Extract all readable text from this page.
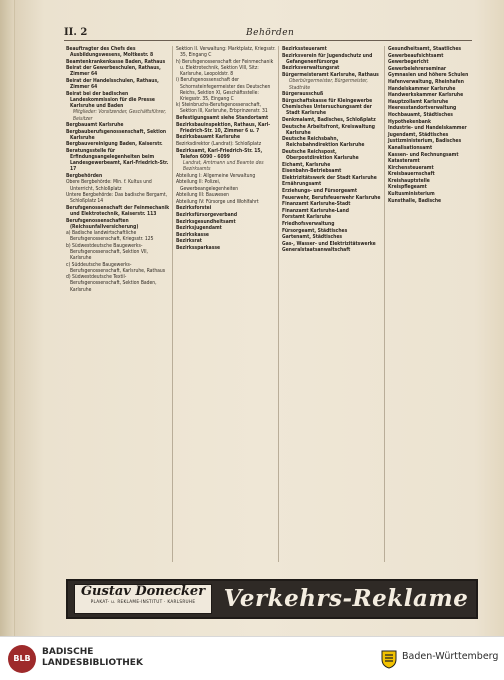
II. 2	Behörden
Beauftragter des Chefs des Ausbildungswesens, Moltkestr. 8
Beamtenkrankenkasse Baden, Rathaus
Beirat der Gewerbeschulen, Rathaus, Zimmer 64
Beirat der Handelsschulen, Rathaus, Zimmer 64
Beirat bei der badischen Landeskommission für die Presse Karlsruhe und Baden
Mitglieder: Vorsitzender, Geschäftsführer, Beisitzer
Bergbauamt Karlsruhe
Bergbauberufsgenossenschaft, Sektion Karlsruhe
Bergbauvereinigung Baden, Kaiserstr.
Beratungsstelle für Erfindungsangelegenheiten beim Landesgewerbeamt, Karl-Friedrich-Str. 17
Bergbehörden
Obere Bergbehörde: Min. f. Kultus und Unterricht, Schloßplatz
Untere Bergbehörde: Das badische Bergamt, Schloßplatz 14
Berufsgenossenschaft der Feinmechanik und Elektrotechnik, Kaiserstr. 113
Berufsgenossenschaften (Reichsunfallversicherung)
a) Badische landwirtschaftliche Berufsgenossenschaft, Kriegsstr. 125
b) Südwestdeutsche Baugewerks-Berufsgenossenschaft, Sektion VII, Karlsruhe
c) Süddeutsche Baugewerks-Berufsgenossenschaft, Karlsruhe, Rathaus
d) Südwestdeutsche Textil-Berufsgenossenschaft, Sektion Baden, Karlsruhe
Sektion II. Verwaltung: Marktplatz, Kriegsstr. 35, Eingang C
h) Berufsgenossenschaft der Feinmechanik u. Elektrotechnik, Sektion VIII, Sitz: Karlsruhe, Leopoldstr. 8
i) Berufsgenossenschaft der Schornsteinfegermeister des Deutschen Reichs, Sektion XI, Geschäftsstelle: Kriegsstr. 35, Eingang C
k) Steinbruchs-Berufsgenossenschaft, Sektion III, Karlsruhe, Erbprinzenstr. 31
Befestigungsamt siehe Standortamt
Bezirksbauinspektion, Rathaus, Karl-Friedrich-Str. 10, Zimmer 6 u. 7
Bezirksbauamt Karlsruhe
Bezirksdirektor (Landrat): Schloßplatz
Bezirksamt, Karl-Friedrich-Str. 15, Telefon 6090 - 6099
Landrat, Amtmann und Beamte des Bezirksamts
Abteilung I: Allgemeine Verwaltung
Abteilung II: Polizei, Gewerbeangelegenheiten
Abteilung III: Bauwesen
Abteilung IV: Fürsorge und Wohlfahrt
Bezirksforstei
Bezirksfürsorgeverband
Bezirksgesundheitsamt
Bezirksjugendamt
Bezirkskasse
Bezirksrat
Bezirkssparkasse
Bezirkssteueramt
Bezirksverein für Jugendschutz und Gefangenenfürsorge
Bezirksverwaltungsrat
Bürgermeisteramt Karlsruhe, Rathaus
Oberbürgermeister, Bürgermeister, Stadträte
Bürgerausschuß
Bürgschaftskasse für Kleingewerbe
Chemisches Untersuchungsamt der Stadt Karlsruhe
Denkmalamt, Badisches, Schloßplatz
Deutsche Arbeitsfront, Kreiswaltung Karlsruhe
Deutsche Reichsbahn, Reichsbahndirektion Karlsruhe
Deutsche Reichspost, Oberpostdirektion Karlsruhe
Eichamt, Karlsruhe
Eisenbahn-Betriebsamt
Elektrizitätswerk der Stadt Karlsruhe
Ernährungsamt
Erziehungs- und Fürsorgeamt
Feuerwehr, Berufsfeuerwehr Karlsruhe
Finanzamt Karlsruhe-Stadt
Finanzamt Karlsruhe-Land
Forstamt Karlsruhe
Friedhofsverwaltung
Fürsorgeamt, Städtisches
Gartenamt, Städtisches
Gas-, Wasser- und Elektrizitätswerke
Generalstaatsanwaltschaft
Gesundheitsamt, Staatliches
Gewerbeaufsichtsamt
Gewerbegericht
Gewerbelehrerseminar
Gymnasien und höhere Schulen
Hafenverwaltung, Rheinhafen
Handelskammer Karlsruhe
Handwerkskammer Karlsruhe
Hauptzollamt Karlsruhe
Heeresstandortverwaltung
Hochbauamt, Städtisches
Hypothekenbank
Industrie- und Handelskammer
Jugendamt, Städtisches
Justizministerium, Badisches
Kanalisationsamt
Kassen- und Rechnungsamt
Katasteramt
Kirchensteueramt
Kreisbauernschaft
Kreishauptstelle
Kreispflegeamt
Kultusministerium
Kunsthalle, Badische
Gustav Donecker
PLAKAT- u. REKLAME-INSTITUT · KARLSRUHE	Verkehrs-Reklame
BLB
BADISCHE
LANDESBIBLIOTHEK
Baden-Württemberg
